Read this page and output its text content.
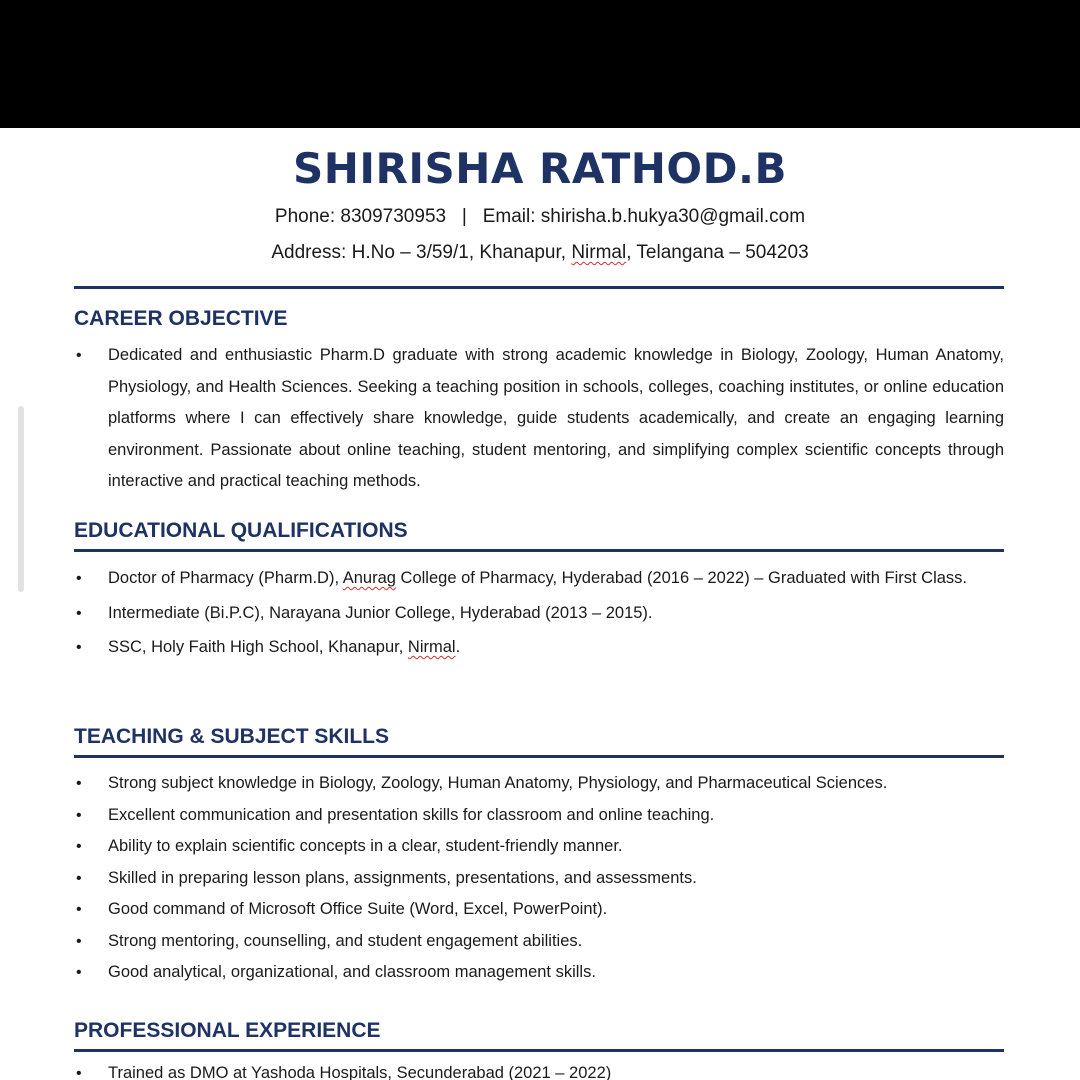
SHIRISHA RATHOD.B
Phone: 8309730953 | Email: shirisha.b.hukya30@gmail.com
Address: H.No – 3/59/1, Khanapur, Nirmal, Telangana – 504203
CAREER OBJECTIVE
• Dedicated and enthusiastic Pharm.D graduate with strong academic knowledge in Biology, Zoology, Human Anatomy, Physiology, and Health Sciences. Seeking a teaching position in schools, colleges, coaching institutes, or online education platforms where I can effectively share knowledge, guide students academically, and create an engaging learning environment. Passionate about online teaching, student mentoring, and simplifying complex scientific concepts through interactive and practical teaching methods.
EDUCATIONAL QUALIFICATIONS
• Doctor of Pharmacy (Pharm.D), Anurag College of Pharmacy, Hyderabad (2016 – 2022) – Graduated with First Class.
• Intermediate (Bi.P.C), Narayana Junior College, Hyderabad (2013 – 2015).
• SSC, Holy Faith High School, Khanapur, Nirmal.
TEACHING & SUBJECT SKILLS
• Strong subject knowledge in Biology, Zoology, Human Anatomy, Physiology, and Pharmaceutical Sciences.
• Excellent communication and presentation skills for classroom and online teaching.
• Ability to explain scientific concepts in a clear, student-friendly manner.
• Skilled in preparing lesson plans, assignments, presentations, and assessments.
• Good command of Microsoft Office Suite (Word, Excel, PowerPoint).
• Strong mentoring, counselling, and student engagement abilities.
• Good analytical, organizational, and classroom management skills.
PROFESSIONAL EXPERIENCE
• Trained as DMO at Yashoda Hospitals, Secunderabad (2021 – 2022)
